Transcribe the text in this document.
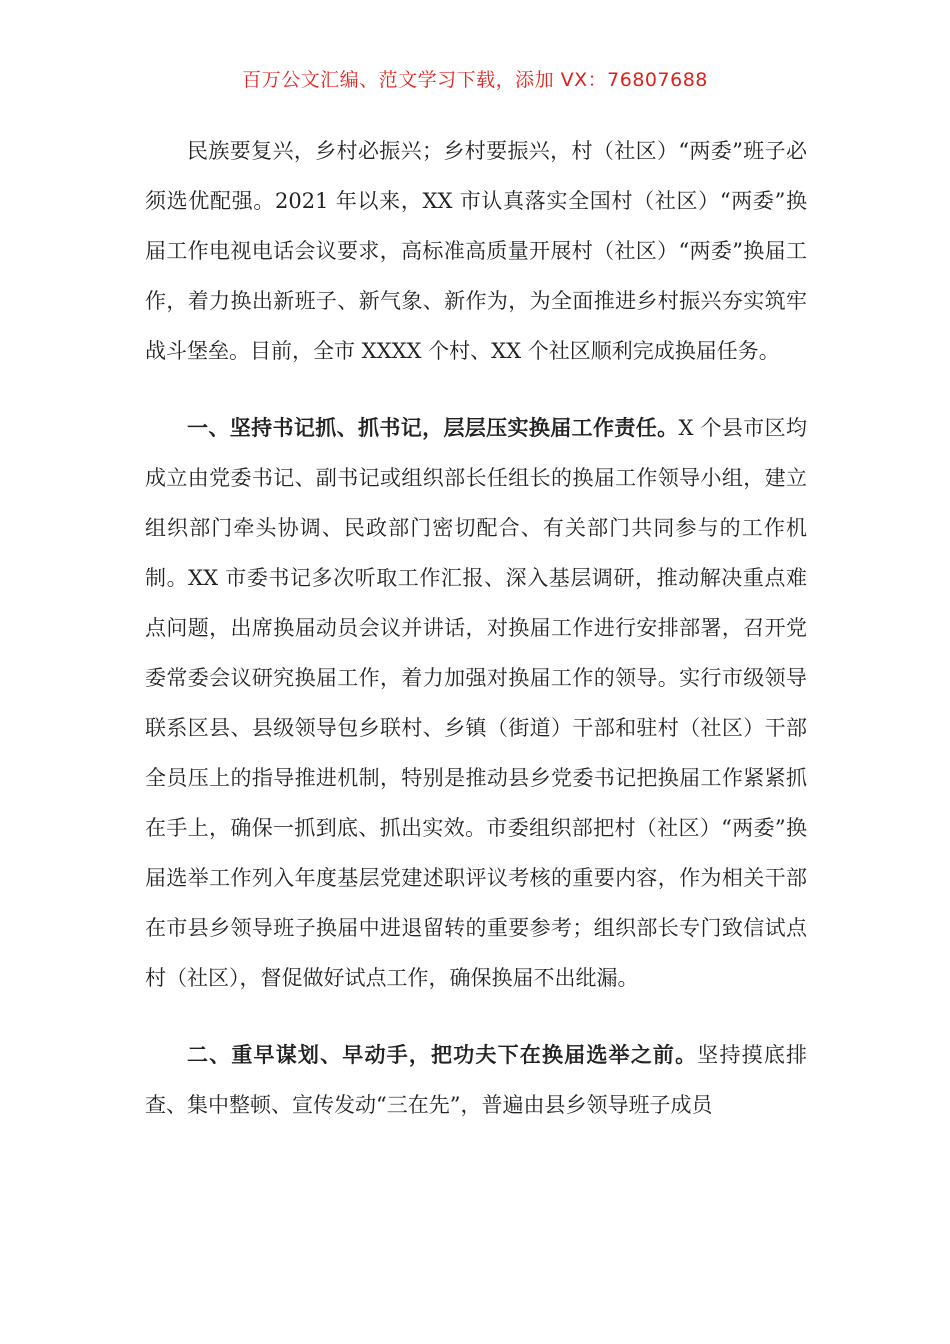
百万公文汇编、范文学习下载，添加 VX：76807688

民族要复兴，乡村必振兴；乡村要振兴，村（社区）“两委”班子必须选优配强。2021 年以来，XX 市认真落实全国村（社区）“两委”换届工作电视电话会议要求，高标准高质量开展村（社区）“两委”换届工作，着力换出新班子、新气象、新作为，为全面推进乡村振兴夯实筑牢战斗堡垒。目前，全市 XXXX 个村、XX 个社区顺利完成换届任务。

一、坚持书记抓、抓书记，层层压实换届工作责任。X 个县市区均成立由党委书记、副书记或组织部长任组长的换届工作领导小组，建立组织部门牵头协调、民政部门密切配合、有关部门共同参与的工作机制。XX 市委书记多次听取工作汇报、深入基层调研，推动解决重点难点问题，出席换届动员会议并讲话，对换届工作进行安排部署，召开党委常委会议研究换届工作，着力加强对换届工作的领导。实行市级领导联系区县、县级领导包乡联村、乡镇（街道）干部和驻村（社区）干部全员压上的指导推进机制，特别是推动县乡党委书记把换届工作紧紧抓在手上，确保一抓到底、抓出实效。市委组织部把村（社区）“两委”换届选举工作列入年度基层党建述职评议考核的重要内容，作为相关干部在市县乡领导班子换届中进退留转的重要参考；组织部长专门致信试点村（社区），督促做好试点工作，确保换届不出纰漏。

二、重早谋划、早动手，把功夫下在换届选举之前。坚持摸底排查、集中整顿、宣传发动“三在先”，普遍由县乡领导班子成员
